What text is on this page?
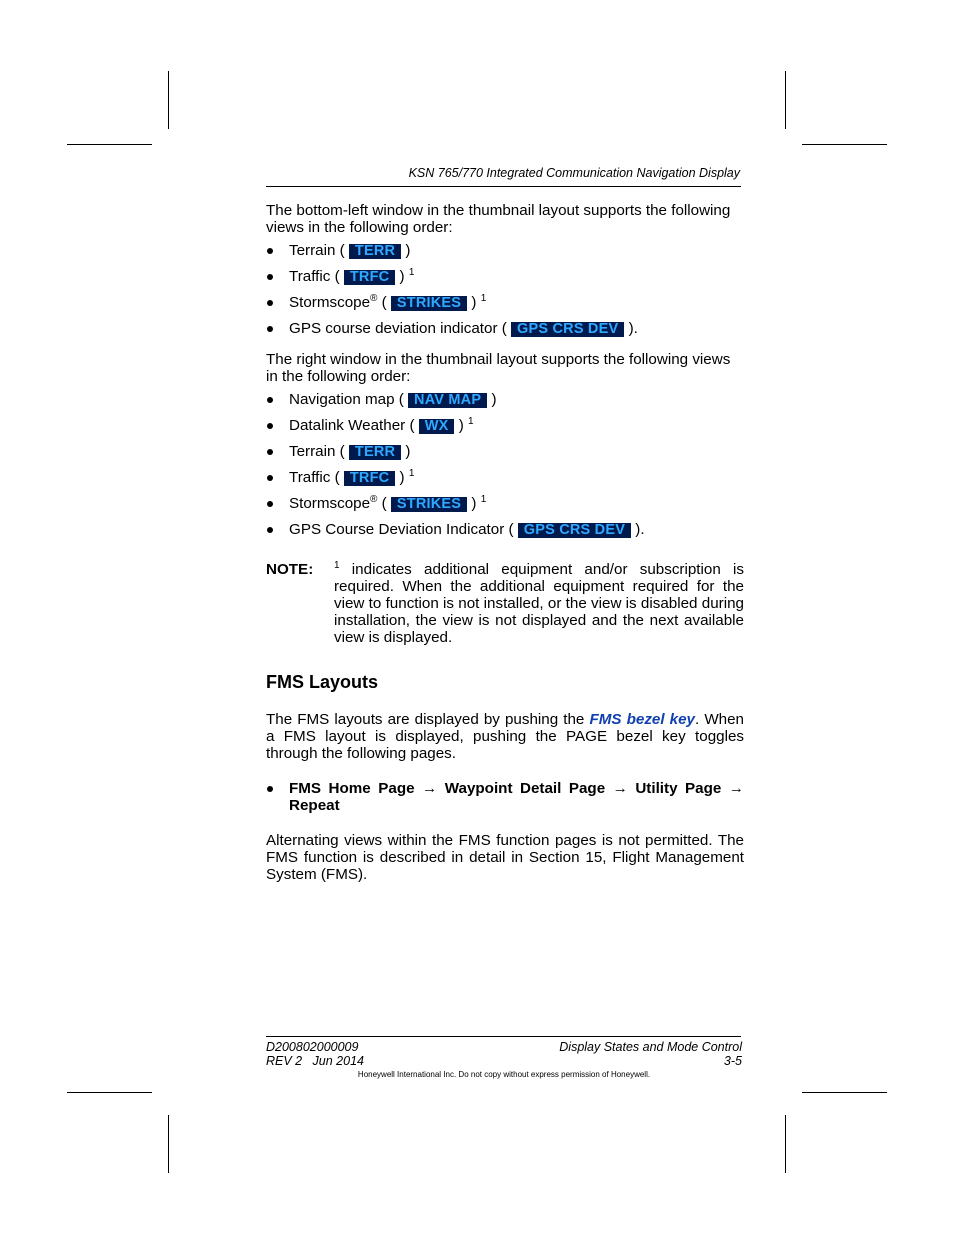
KSN 765/770 Integrated Communication Navigation Display

The bottom-left window in the thumbnail layout supports the following views in the following order:

Terrain ( TERR )
Traffic ( TRFC ) $^1$
Stormscope® ( STRIKES ) $^1$
GPS course deviation indicator ( GPS CRS DEV ).

The right window in the thumbnail layout supports the following views in the following order:

Navigation map ( NAV MAP )
Datalink Weather ( WX ) $^1$
Terrain ( TERR )
Traffic ( TRFC ) $^1$
Stormscope® ( STRIKES ) $^1$
GPS Course Deviation Indicator ( GPS CRS DEV ).
NOTE:	$^1$ indicates additional equipment and/or subscription is required. When the additional equipment required for the view to function is not installed, or the view is disabled during installation, the view is not displayed and the next available view is displayed.
FMS Layouts

The FMS layouts are displayed by pushing the FMS bezel key. When a FMS layout is displayed, pushing the PAGE bezel key toggles through the following pages.

FMS Home Page → Waypoint Detail Page → Utility Page → Repeat

Alternating views within the FMS function pages is not permitted. The FMS function is described in detail in Section 15, Flight Management System (FMS).

D200802000009	Display States and Mode Control
REV 2   Jun 2014	3-5
Honeywell International Inc. Do not copy without express permission of Honeywell.
